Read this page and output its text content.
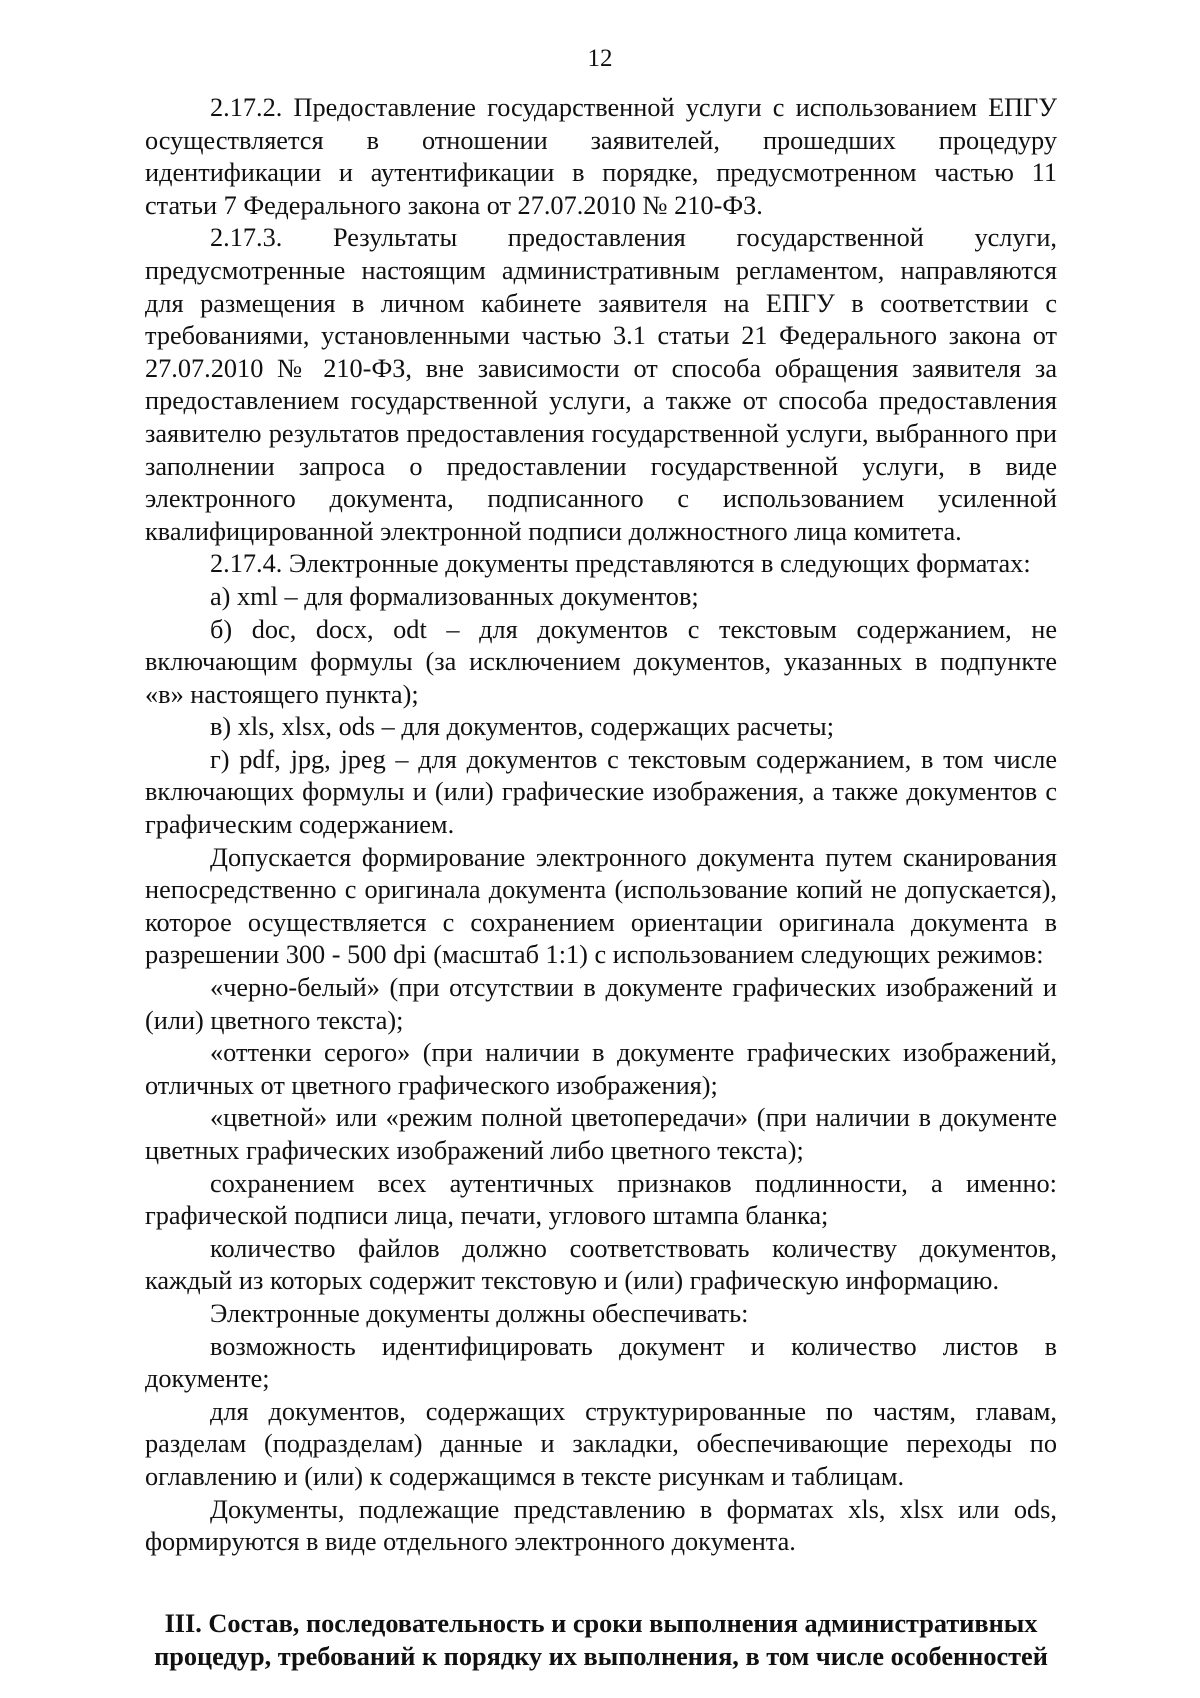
12

2.17.2. Предоставление государственной услуги с использованием ЕПГУ осуществляется в отношении заявителей, прошедших процедуру идентификации и аутентификации в порядке, предусмотренном частью 11 статьи 7 Федерального закона от 27.07.2010 № 210-ФЗ.

2.17.3. Результаты предоставления государственной услуги, предусмотренные настоящим административным регламентом, направляются для размещения в личном кабинете заявителя на ЕПГУ в соответствии с требованиями, установленными частью 3.1 статьи 21 Федерального закона от 27.07.2010 № 210-ФЗ, вне зависимости от способа обращения заявителя за предоставлением государственной услуги, а также от способа предоставления заявителю результатов предоставления государственной услуги, выбранного при заполнении запроса о предоставлении государственной услуги, в виде электронного документа, подписанного с использованием усиленной квалифицированной электронной подписи должностного лица комитета.

2.17.4. Электронные документы представляются в следующих форматах:

а) xml – для формализованных документов;

б) doc, docx, odt – для документов с текстовым содержанием, не включающим формулы (за исключением документов, указанных в подпункте «в» настоящего пункта);

в) xls, xlsx, ods – для документов, содержащих расчеты;

г) pdf, jpg, jpeg – для документов с текстовым содержанием, в том числе включающих формулы и (или) графические изображения, а также документов с графическим содержанием.

Допускается формирование электронного документа путем сканирования непосредственно с оригинала документа (использование копий не допускается), которое осуществляется с сохранением ориентации оригинала документа в разрешении 300 - 500 dpi (масштаб 1:1) с использованием следующих режимов:

«черно-белый» (при отсутствии в документе графических изображений и (или) цветного текста);

«оттенки серого» (при наличии в документе графических изображений, отличных от цветного графического изображения);

«цветной» или «режим полной цветопередачи» (при наличии в документе цветных графических изображений либо цветного текста);

сохранением всех аутентичных признаков подлинности, а именно: графической подписи лица, печати, углового штампа бланка;

количество файлов должно соответствовать количеству документов, каждый из которых содержит текстовую и (или) графическую информацию.

Электронные документы должны обеспечивать:

возможность идентифицировать документ и количество листов в документе;

для документов, содержащих структурированные по частям, главам, разделам (подразделам) данные и закладки, обеспечивающие переходы по оглавлению и (или) к содержащимся в тексте рисункам и таблицам.

Документы, подлежащие представлению в форматах xls, xlsx или ods, формируются в виде отдельного электронного документа.

III. Состав, последовательность и сроки выполнения административных процедур, требований к порядку их выполнения, в том числе особенностей
